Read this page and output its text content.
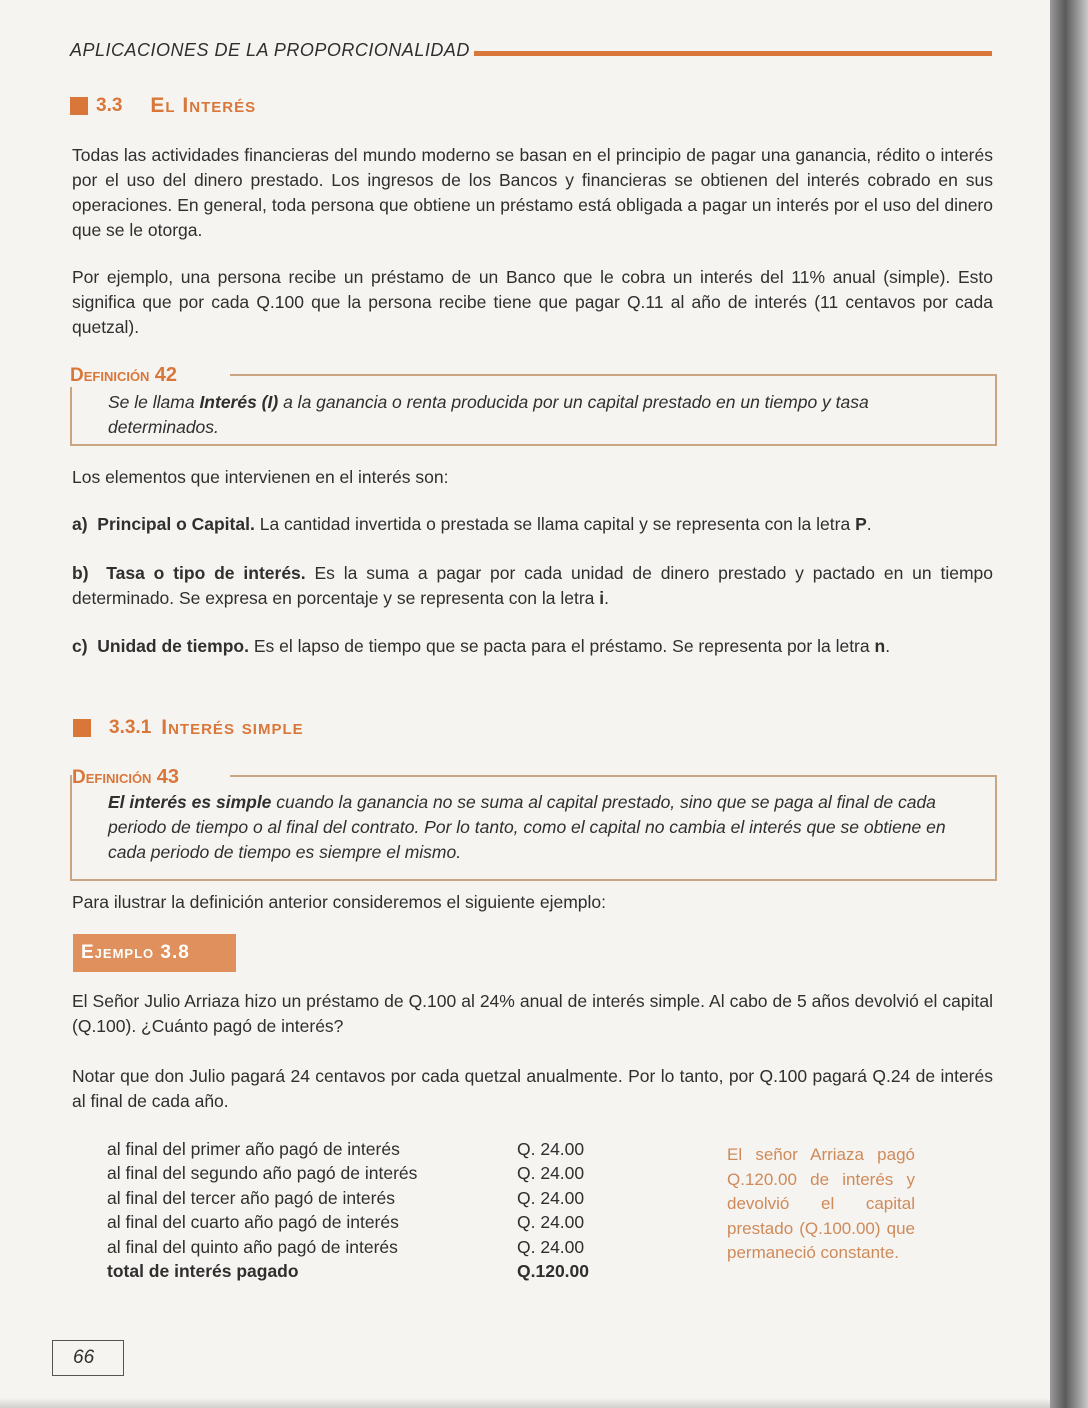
APLICACIONES DE LA PROPORCIONALIDAD
3.3 El Interés
Todas las actividades financieras del mundo moderno se basan en el principio de pagar una ganancia, rédito o interés por el uso del dinero prestado. Los ingresos de los Bancos y financieras se obtienen del interés cobrado en sus operaciones. En general, toda persona que obtiene un préstamo está obligada a pagar un interés por el uso del dinero que se le otorga.
Por ejemplo, una persona recibe un préstamo de un Banco que le cobra un interés del 11% anual (simple). Esto significa que por cada Q.100 que la persona recibe tiene que pagar Q.11 al año de interés (11 centavos por cada quetzal).
Se le llama Interés (I) a la ganancia o renta producida por un capital prestado en un tiempo y tasa determinados.
Definición 42
Los elementos que intervienen en el interés son:
a) Principal o Capital. La cantidad invertida o prestada se llama capital y se representa con la letra P.
b) Tasa o tipo de interés. Es la suma a pagar por cada unidad de dinero prestado y pactado en un tiempo determinado. Se expresa en porcentaje y se representa con la letra i.
c) Unidad de tiempo. Es el lapso de tiempo que se pacta para el préstamo. Se representa por la letra n.
3.3.1 Interés simple
El interés es simple cuando la ganancia no se suma al capital prestado, sino que se paga al final de cada periodo de tiempo o al final del contrato. Por lo tanto, como el capital no cambia el interés que se obtiene en cada periodo de tiempo es siempre el mismo.
Definición 43
Para ilustrar la definición anterior consideremos el siguiente ejemplo:
Ejemplo 3.8
El Señor Julio Arriaza hizo un préstamo de Q.100 al 24% anual de interés simple. Al cabo de 5 años devolvió el capital (Q.100). ¿Cuánto pagó de interés?
Notar que don Julio pagará 24 centavos por cada quetzal anualmente. Por lo tanto, por Q.100 pagará Q.24 de interés al final de cada año.
al final del primer año pagó de interés	Q. 24.00
al final del segundo año pagó de interés	Q. 24.00
al final del tercer año pagó de interés	Q. 24.00
al final del cuarto año pagó de interés	Q. 24.00
al final del quinto año pagó de interés	Q. 24.00
total de interés pagado	Q.120.00
El señor Arriaza pagó Q.120.00 de interés y devolvió el capital prestado (Q.100.00) que permaneció constante.
66
